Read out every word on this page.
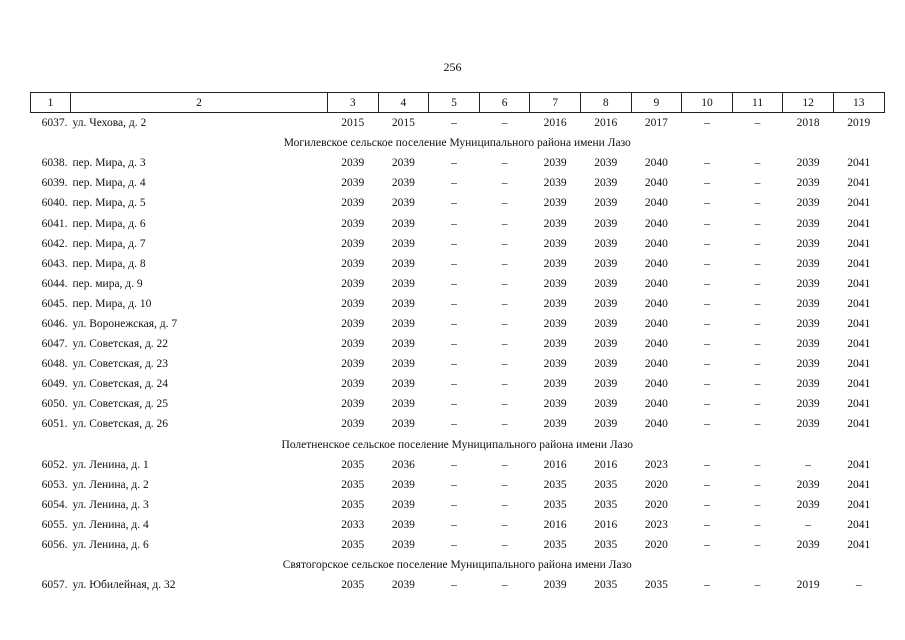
256
1	2	3	4	5	6	7	8	9	10	11	12	13
6037.	ул. Чехова, д. 2	2015	2015	–	–	2016	2016	2017	–	–	2018	2019
Могилевское сельское поселение Муниципального района имени Лазо												
6038.	пер. Мира, д. 3	2039	2039	–	–	2039	2039	2040	–	–	2039	2041
6039.	пер. Мира, д. 4	2039	2039	–	–	2039	2039	2040	–	–	2039	2041
6040.	пер. Мира, д. 5	2039	2039	–	–	2039	2039	2040	–	–	2039	2041
6041.	пер. Мира, д. 6	2039	2039	–	–	2039	2039	2040	–	–	2039	2041
6042.	пер. Мира, д. 7	2039	2039	–	–	2039	2039	2040	–	–	2039	2041
6043.	пер. Мира, д. 8	2039	2039	–	–	2039	2039	2040	–	–	2039	2041
6044.	пер. мира, д. 9	2039	2039	–	–	2039	2039	2040	–	–	2039	2041
6045.	пер. Мира, д. 10	2039	2039	–	–	2039	2039	2040	–	–	2039	2041
6046.	ул. Воронежская, д. 7	2039	2039	–	–	2039	2039	2040	–	–	2039	2041
6047.	ул. Советская, д. 22	2039	2039	–	–	2039	2039	2040	–	–	2039	2041
6048.	ул. Советская, д. 23	2039	2039	–	–	2039	2039	2040	–	–	2039	2041
6049.	ул. Советская, д. 24	2039	2039	–	–	2039	2039	2040	–	–	2039	2041
6050.	ул. Советская, д. 25	2039	2039	–	–	2039	2039	2040	–	–	2039	2041
6051.	ул. Советская, д. 26	2039	2039	–	–	2039	2039	2040	–	–	2039	2041
Полетненское сельское поселение Муниципального района имени Лазо												
6052.	ул. Ленина, д. 1	2035	2036	–	–	2016	2016	2023	–	–	–	2041
6053.	ул. Ленина, д. 2	2035	2039	–	–	2035	2035	2020	–	–	2039	2041
6054.	ул. Ленина, д. 3	2035	2039	–	–	2035	2035	2020	–	–	2039	2041
6055.	ул. Ленина, д. 4	2033	2039	–	–	2016	2016	2023	–	–	–	2041
6056.	ул. Ленина, д. 6	2035	2039	–	–	2035	2035	2020	–	–	2039	2041
Святогорское сельское поселение Муниципального района имени Лазо												
6057.	ул. Юбилейная, д. 32	2035	2039	–	–	2039	2035	2035	–	–	2019	–
